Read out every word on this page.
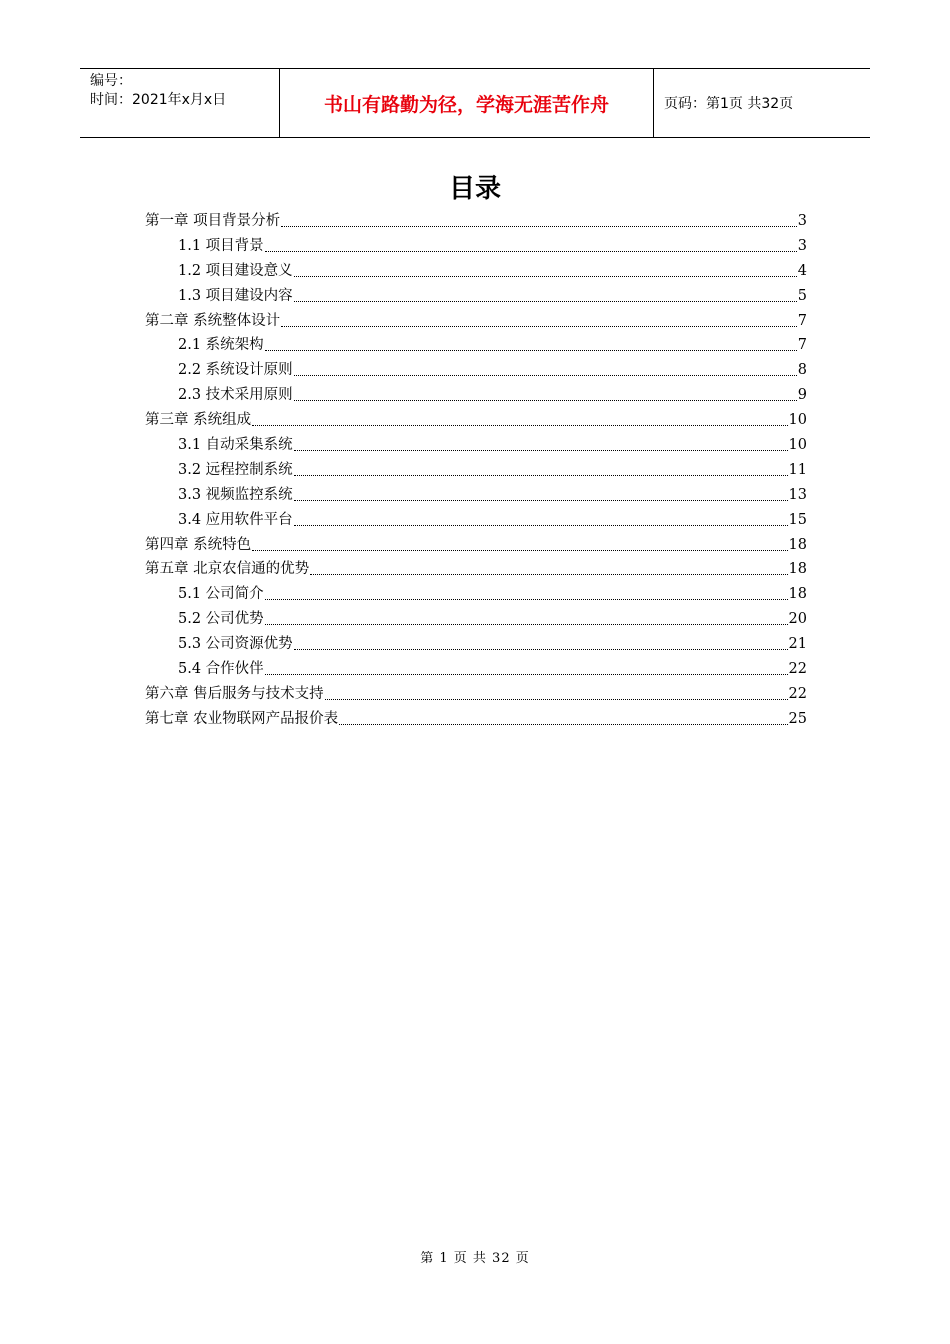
编号：
时间：2021年x月x日	书山有路勤为径，学海无涯苦作舟	页码：第1页 共32页
目录
第一章 项目背景分析	3
1.1 项目背景	3
1.2 项目建设意义	4
1.3 项目建设内容	5
第二章 系统整体设计	7
2.1 系统架构	7
2.2 系统设计原则	8
2.3 技术采用原则	9
第三章 系统组成	10
3.1 自动采集系统	10
3.2 远程控制系统	11
3.3 视频监控系统	13
3.4 应用软件平台	15
第四章 系统特色	18
第五章 北京农信通的优势	18
5.1 公司简介	18
5.2 公司优势	20
5.3 公司资源优势	21
5.4 合作伙伴	22
第六章 售后服务与技术支持	22
第七章 农业物联网产品报价表	25
第 1 页 共 32 页
